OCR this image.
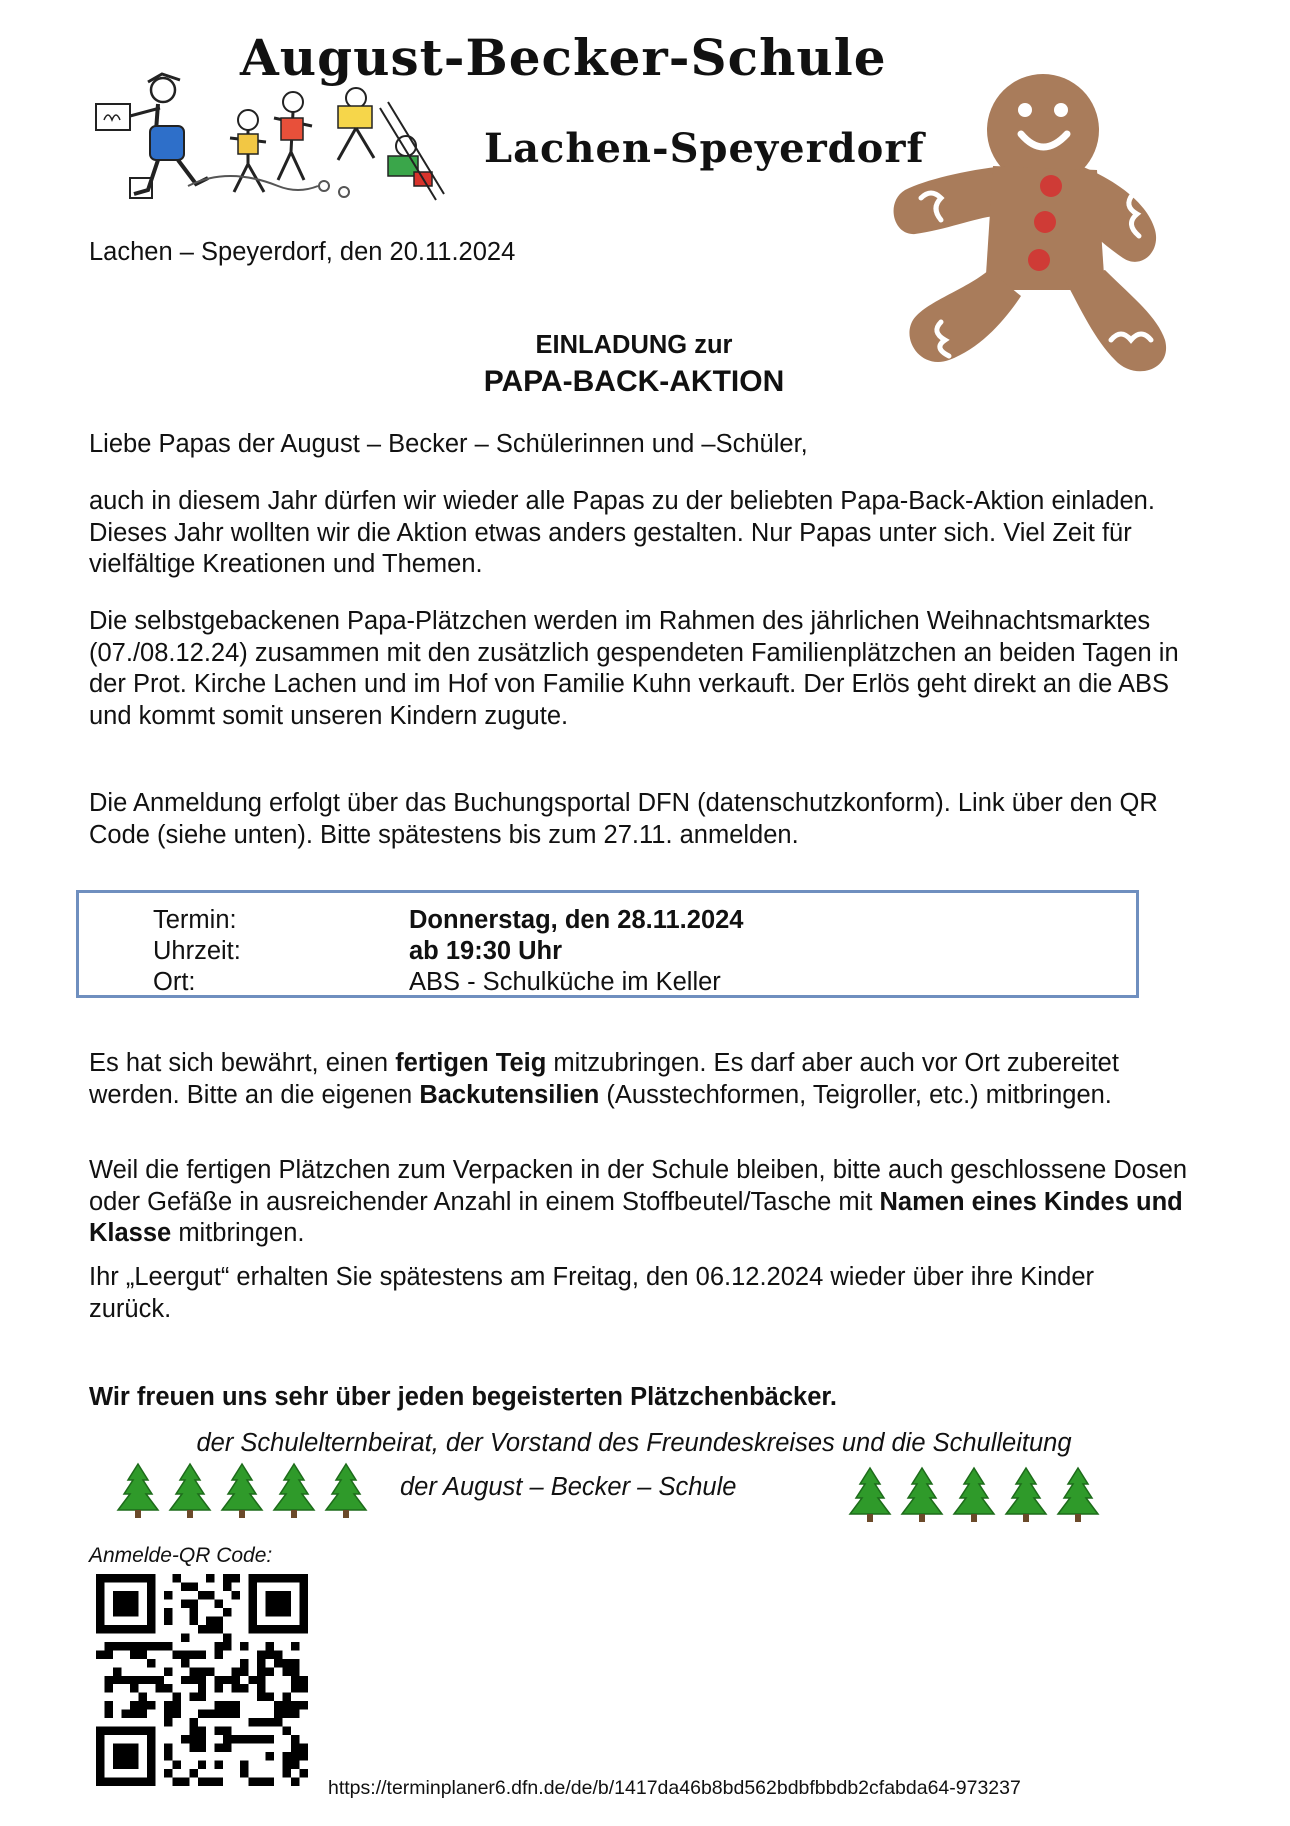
August-Becker-Schule
Lachen-Speyerdorf

Lachen – Speyerdorf, den 20.11.2024

EINLADUNG zur
PAPA-BACK-AKTION

Liebe Papas der August – Becker – Schülerinnen und –Schüler,

auch in diesem Jahr dürfen wir wieder alle Papas zu der beliebten Papa-Back-Aktion einladen. Dieses Jahr wollten wir die Aktion etwas anders gestalten. Nur Papas unter sich. Viel Zeit für vielfältige Kreationen und Themen.

Die selbstgebackenen Papa-Plätzchen werden im Rahmen des jährlichen Weihnachtsmarktes (07./08.12.24) zusammen mit den zusätzlich gespendeten Familienplätzchen an beiden Tagen in der Prot. Kirche Lachen und im Hof von Familie Kuhn verkauft. Der Erlös geht direkt an die ABS und kommt somit unseren Kindern zugute.

Die Anmeldung erfolgt über das Buchungsportal DFN (datenschutzkonform). Link über den QR Code (siehe unten). Bitte spätestens bis zum 27.11. anmelden.

Termin:	Donnerstag, den 28.11.2024
Uhrzeit:	ab 19:30 Uhr
Ort:	ABS - Schulküche im Keller

Es hat sich bewährt, einen fertigen Teig mitzubringen. Es darf aber auch vor Ort zubereitet werden. Bitte an die eigenen Backutensilien (Ausstechformen, Teigroller, etc.) mitbringen.

Weil die fertigen Plätzchen zum Verpacken in der Schule bleiben, bitte auch geschlossene Dosen oder Gefäße in ausreichender Anzahl in einem Stoffbeutel/Tasche mit Namen eines Kindes und Klasse mitbringen.

Ihr „Leergut“ erhalten Sie spätestens am Freitag, den 06.12.2024 wieder über ihre Kinder zurück.

Wir freuen uns sehr über jeden begeisterten Plätzchenbäcker.

der Schulelternbeirat, der Vorstand des Freundeskreises und die Schulleitung

der August – Becker – Schule

Anmelde-QR Code:

https://terminplaner6.dfn.de/de/b/1417da46b8bd562bdbfbbdb2cfabda64-973237
